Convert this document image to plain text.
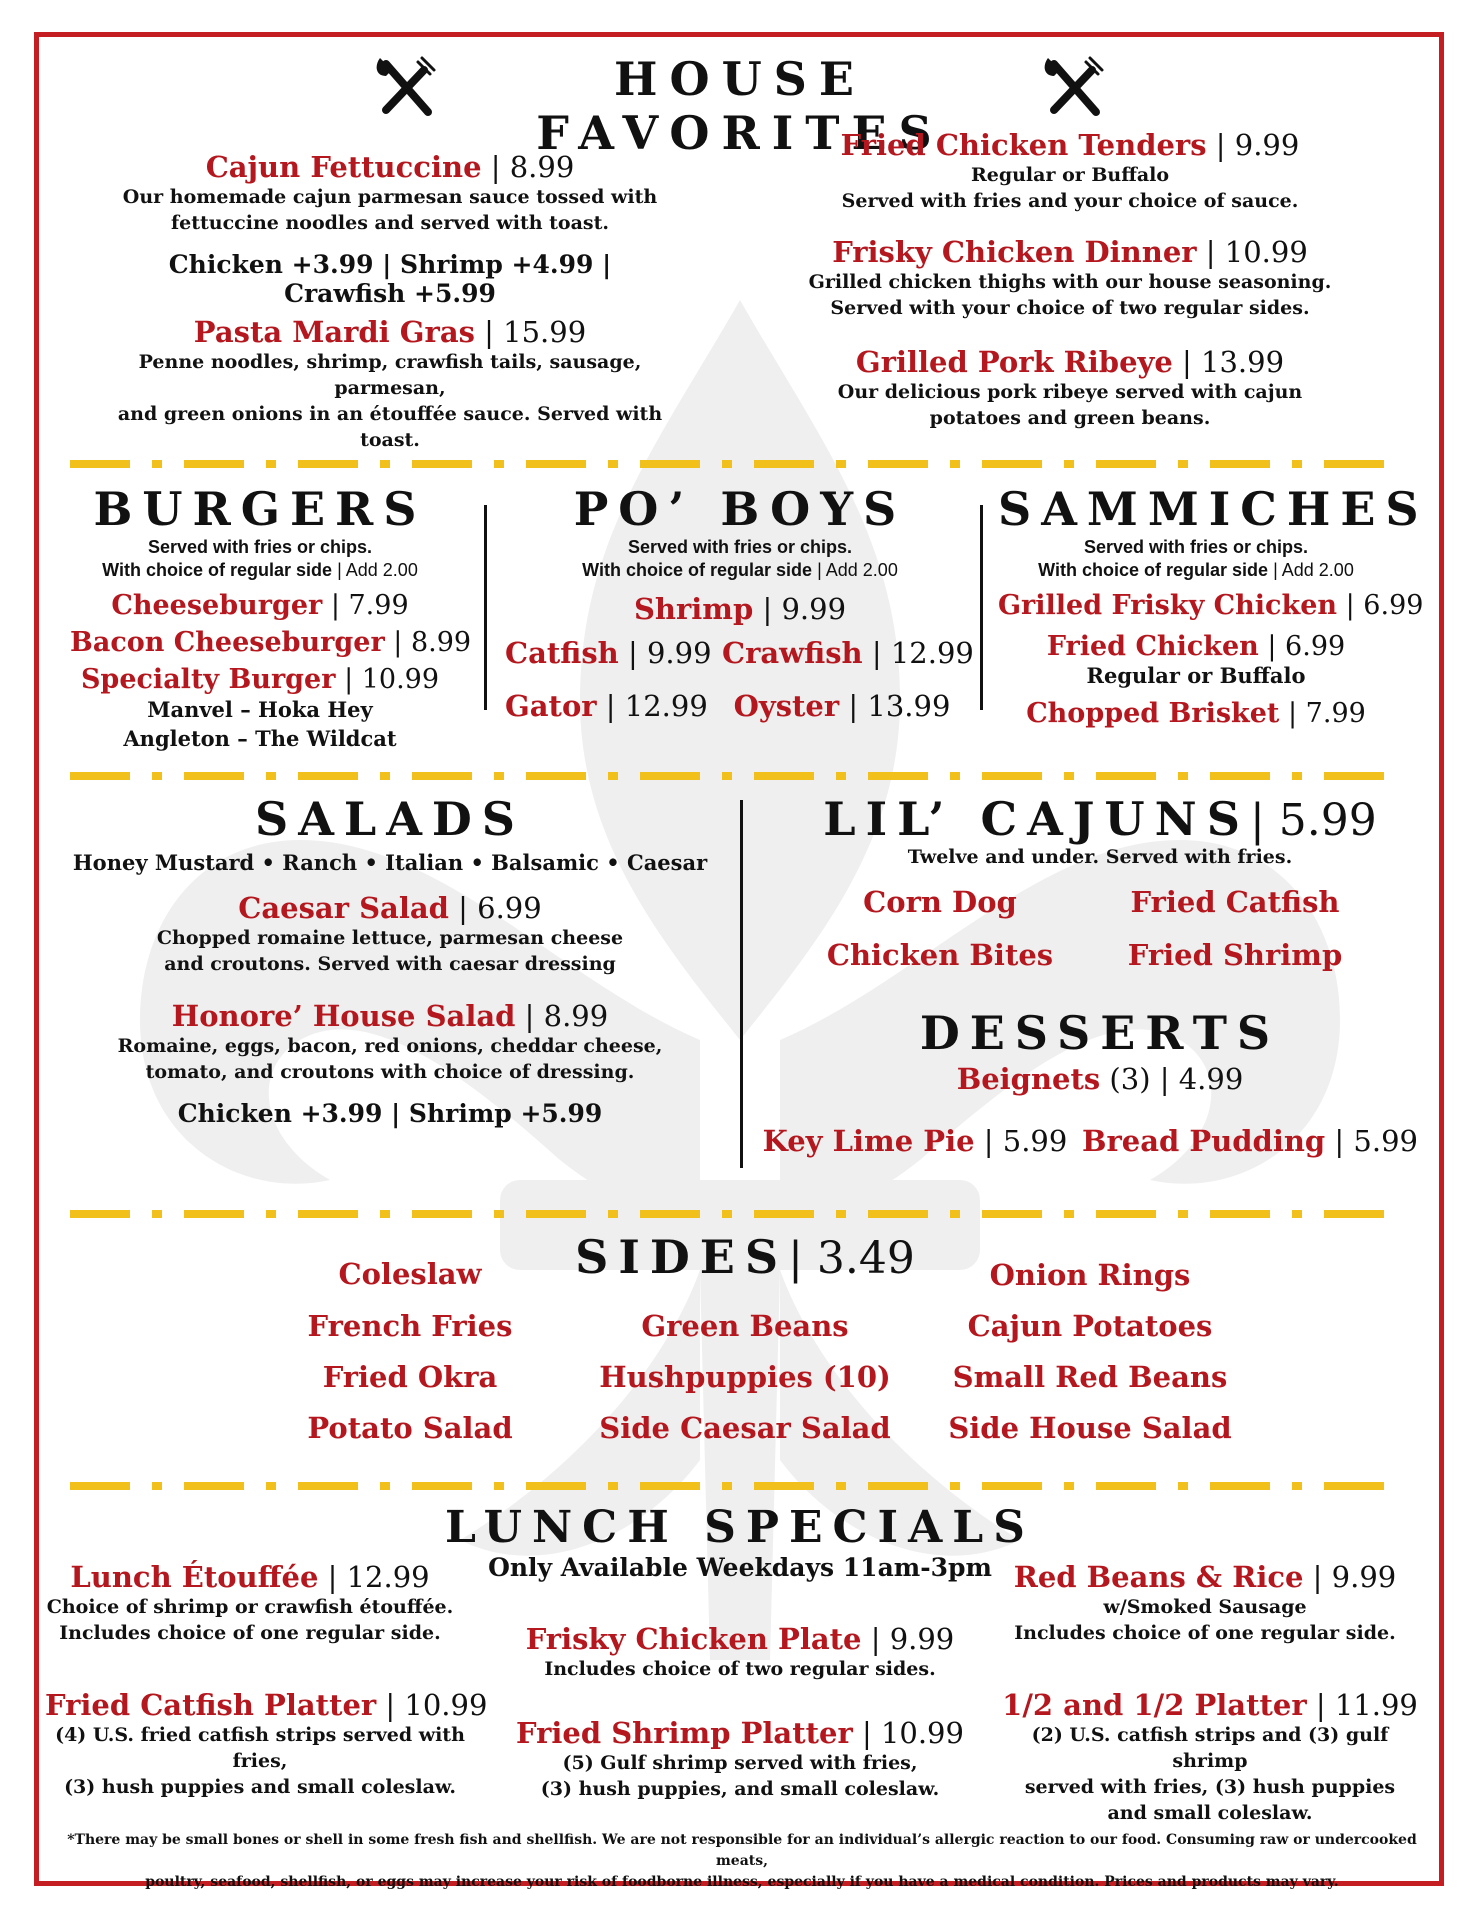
HOUSE FAVORITES
Cajun Fettuccine | 8.99
Our homemade cajun parmesan sauce tossed with
fettuccine noodles and served with toast.
Chicken +3.99 | Shrimp +4.99 | Crawfish +5.99
Pasta Mardi Gras | 15.99
Penne noodles, shrimp, crawfish tails, sausage, parmesan,
and green onions in an étouffée sauce. Served with toast.
Fried Chicken Tenders | 9.99
Regular or Buffalo
Served with fries and your choice of sauce.
Frisky Chicken Dinner | 10.99
Grilled chicken thighs with our house seasoning.
Served with your choice of two regular sides.
Grilled Pork Ribeye | 13.99
Our delicious pork ribeye served with cajun
potatoes and green beans.
BURGERS
Served with fries or chips.
With choice of regular side | Add 2.00
Cheeseburger | 7.99
Bacon Cheeseburger | 8.99
Specialty Burger | 10.99
Manvel – Hoka Hey
Angleton – The Wildcat
PO’ BOYS
Served with fries or chips.
With choice of regular side | Add 2.00
Shrimp | 9.99
Catfish | 9.99 Crawfish | 12.99
Gator | 12.99 Oyster | 13.99
SAMMICHES
Served with fries or chips.
With choice of regular side | Add 2.00
Grilled Frisky Chicken | 6.99
Fried Chicken | 6.99
Regular or Buffalo
Chopped Brisket | 7.99
SALADS
Honey Mustard • Ranch • Italian • Balsamic • Caesar
Caesar Salad | 6.99
Chopped romaine lettuce, parmesan cheese
and croutons. Served with caesar dressing
Honore’ House Salad | 8.99
Romaine, eggs, bacon, red onions, cheddar cheese,
tomato, and croutons with choice of dressing.
Chicken +3.99 | Shrimp +5.99
LIL’ CAJUNS| 5.99
Twelve and under. Served with fries.
Corn Dog	Fried Catfish
Chicken Bites	Fried Shrimp
DESSERTS
Beignets (3) | 4.99
Key Lime Pie | 5.99 Bread Pudding | 5.99
SIDES| 3.49
Coleslaw
French Fries
Fried Okra
Potato Salad
Green Beans
Hushpuppies (10)
Side Caesar Salad
Onion Rings
Cajun Potatoes
Small Red Beans
Side House Salad
LUNCH SPECIALS
Only Available Weekdays 11am-3pm
Lunch Étouffée | 12.99
Choice of shrimp or crawfish étouffée.
Includes choice of one regular side.
Fried Catfish Platter | 10.99
(4) U.S. fried catfish strips served with fries,
(3) hush puppies and small coleslaw.
Frisky Chicken Plate | 9.99
Includes choice of two regular sides.
Fried Shrimp Platter | 10.99
(5) Gulf shrimp served with fries,
(3) hush puppies, and small coleslaw.
Red Beans & Rice | 9.99
w/Smoked Sausage
Includes choice of one regular side.
1/2 and 1/2 Platter | 11.99
(2) U.S. catfish strips and (3) gulf shrimp
served with fries, (3) hush puppies
and small coleslaw.
*There may be small bones or shell in some fresh fish and shellfish. We are not responsible for an individual’s allergic reaction to our food. Consuming raw or undercooked meats,
poultry, seafood, shellfish, or eggs may increase your risk of foodborne illness, especially if you have a medical condition. Prices and products may vary.
